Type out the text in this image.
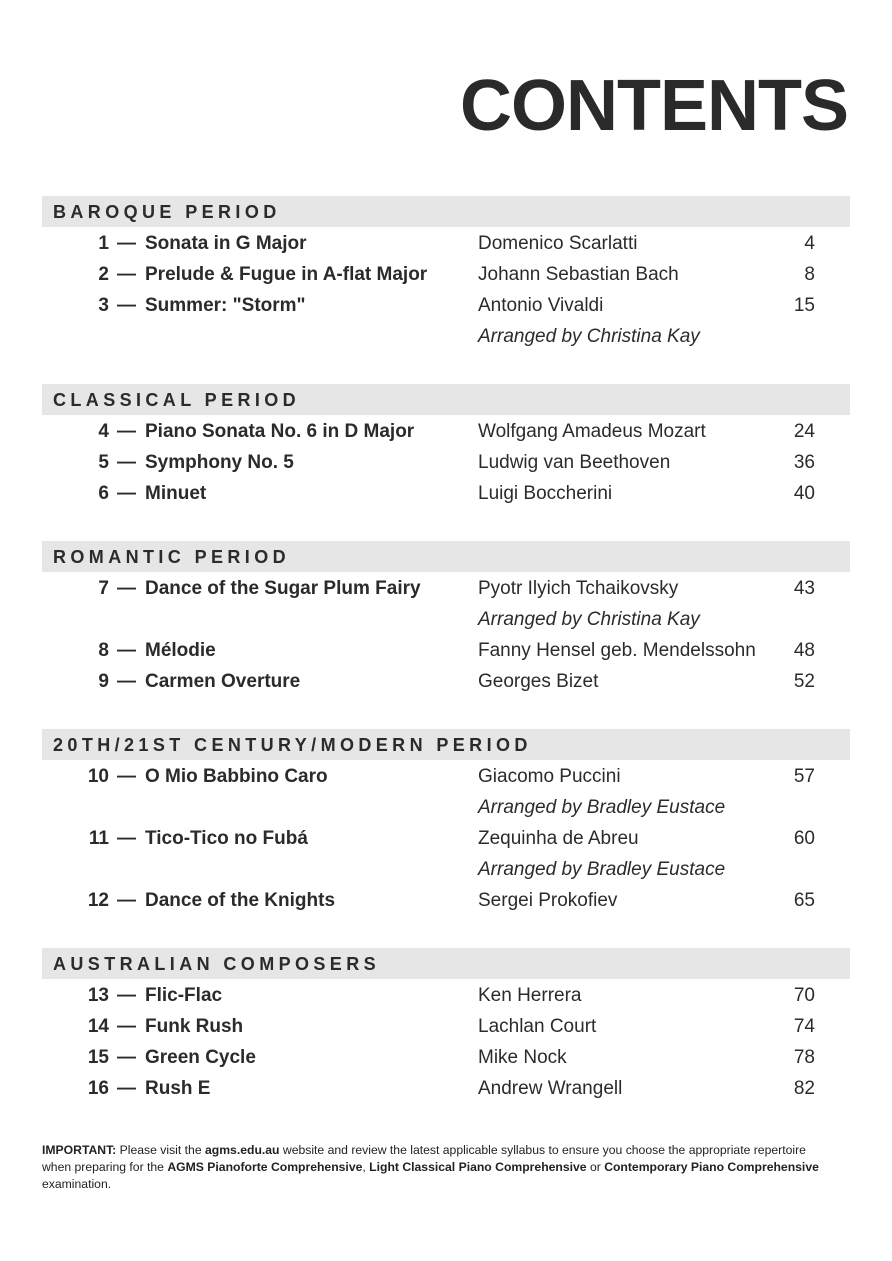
CONTENTS
BAROQUE PERIOD
1 — Sonata in G Major	Domenico Scarlatti	4
2 — Prelude & Fugue in A-flat Major	Johann Sebastian Bach	8
3 — Summer: "Storm"	Antonio Vivaldi	15
Arranged by Christina Kay
CLASSICAL PERIOD
4 — Piano Sonata No. 6 in D Major	Wolfgang Amadeus Mozart	24
5 — Symphony No. 5	Ludwig van Beethoven	36
6 — Minuet	Luigi Boccherini	40
ROMANTIC PERIOD
7 — Dance of the Sugar Plum Fairy	Pyotr Ilyich Tchaikovsky	43
Arranged by Christina Kay
8 — Mélodie	Fanny Hensel geb. Mendelssohn 48
9 — Carmen Overture	Georges Bizet	52
20TH/21ST CENTURY/MODERN PERIOD
10 — O Mio Babbino Caro	Giacomo Puccini	57
Arranged by Bradley Eustace
11 — Tico-Tico no Fubá	Zequinha de Abreu	60
Arranged by Bradley Eustace
12 — Dance of the Knights	Sergei Prokofiev	65
AUSTRALIAN COMPOSERS
13 — Flic-Flac	Ken Herrera	70
14 — Funk Rush	Lachlan Court	74
15 — Green Cycle	Mike Nock	78
16 — Rush E	Andrew Wrangell	82

IMPORTANT: Please visit the agms.edu.au website and review the latest applicable syllabus to ensure you choose the appropriate repertoire when preparing for the AGMS Pianoforte Comprehensive, Light Classical Piano Comprehensive or Contemporary Piano Comprehensive examination.
